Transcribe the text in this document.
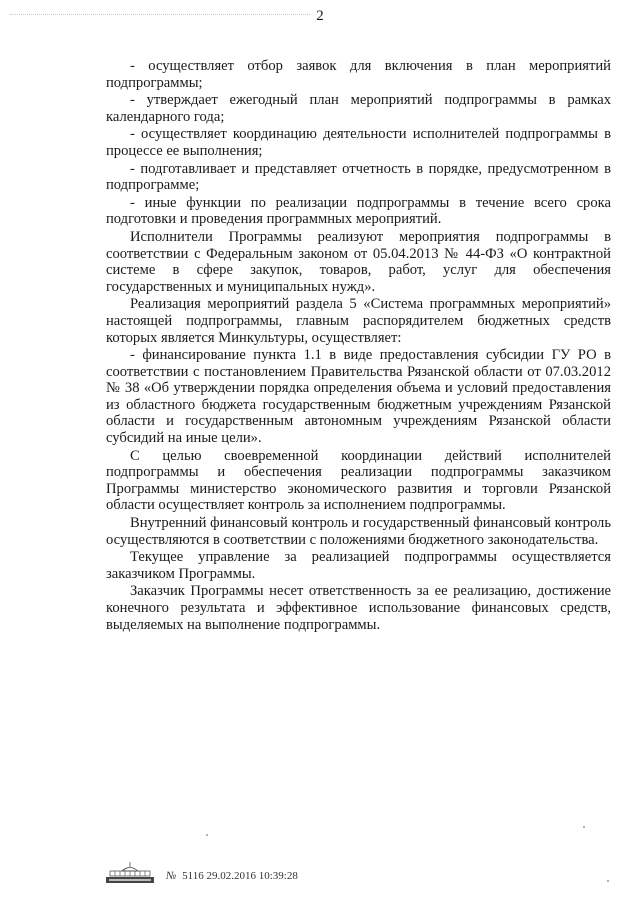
2

- осуществляет отбор заявок для включения в план мероприятий подпрограммы;

- утверждает ежегодный план мероприятий подпрограммы в рамках календарного года;

- осуществляет координацию деятельности исполнителей подпрограммы в процессе ее выполнения;

- подготавливает и представляет отчетность в порядке, предусмотренном в подпрограмме;

- иные функции по реализации подпрограммы в течение всего срока подготовки и проведения программных мероприятий.

Исполнители Программы реализуют мероприятия подпрограммы в соответствии с Федеральным законом от 05.04.2013 № 44-ФЗ «О контрактной системе в сфере закупок, товаров, работ, услуг для обеспечения государственных и муниципальных нужд».

Реализация мероприятий раздела 5 «Система программных мероприятий» настоящей подпрограммы, главным распорядителем бюджетных средств которых является Минкультуры, осуществляет:

- финансирование пункта 1.1 в виде предоставления субсидии ГУ РО в соответствии с постановлением Правительства Рязанской области от 07.03.2012 № 38 «Об утверждении порядка определения объема и условий предоставления из областного бюджета государственным бюджетным учреждениям Рязанской области и государственным автономным учреждениям Рязанской области субсидий на иные цели».

С целью своевременной координации действий исполнителей подпрограммы и обеспечения реализации подпрограммы заказчиком Программы министерство экономического развития и торговли Рязанской области осуществляет контроль за исполнением подпрограммы.

Внутренний финансовый контроль и государственный финансовый контроль осуществляются в соответствии с положениями бюджетного законодательства.

Текущее управление за реализацией подпрограммы осуществляется заказчиком Программы.

Заказчик Программы несет ответственность за ее реализацию, достижение конечного результата и эффективное использование финансовых средств, выделяемых на выполнение подпрограммы.

№ 5116 29.02.2016 10:39:28
